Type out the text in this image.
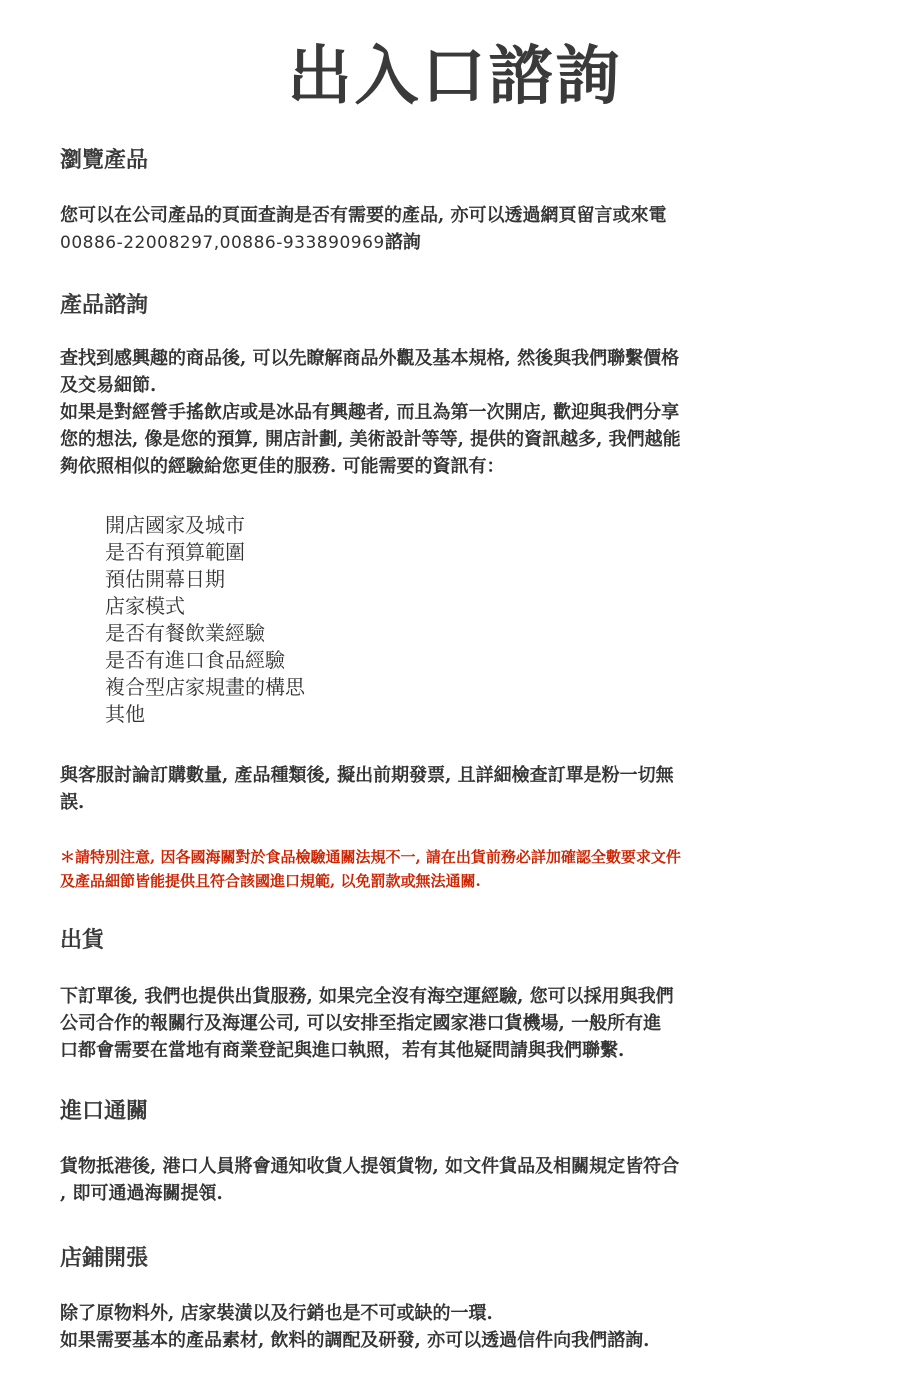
出入口諮詢
瀏覽產品
您可以在公司產品的頁面查詢是否有需要的產品, 亦可以透過網頁留言或來電
00886-22008297,00886-933890969諮詢
產品諮詢
查找到感興趣的商品後, 可以先瞭解商品外觀及基本規格, 然後與我們聯繫價格
及交易細節.
如果是對經營手搖飲店或是冰品有興趣者, 而且為第一次開店, 歡迎與我們分享
您的想法, 像是您的預算, 開店計劃, 美術設計等等, 提供的資訊越多, 我們越能
夠依照相似的經驗給您更佳的服務. 可能需要的資訊有：
開店國家及城市
是否有預算範圍
預估開幕日期
店家模式
是否有餐飲業經驗
是否有進口食品經驗
複合型店家規畫的構思
其他
與客服討論訂購數量, 產品種類後, 擬出前期發票, 且詳細檢查訂單是粉一切無
誤.
＊請特別注意, 因各國海關對於食品檢驗通關法規不一, 請在出貨前務必詳加確認全數要求文件
及產品細節皆能提供且符合該國進口規範, 以免罰款或無法通關.
出貨
下訂單後, 我們也提供出貨服務, 如果完全沒有海空運經驗, 您可以採用與我們
公司合作的報關行及海運公司, 可以安排至指定國家港口貨機場, 一般所有進
口都會需要在當地有商業登記與進口執照，若有其他疑問請與我們聯繫.
進口通關
貨物抵港後, 港口人員將會通知收貨人提領貨物, 如文件貨品及相關規定皆符合
, 即可通過海關提領.
店鋪開張
除了原物料外, 店家裝潢以及行銷也是不可或缺的一環.
如果需要基本的產品素材, 飲料的調配及研發, 亦可以透過信件向我們諮詢.
